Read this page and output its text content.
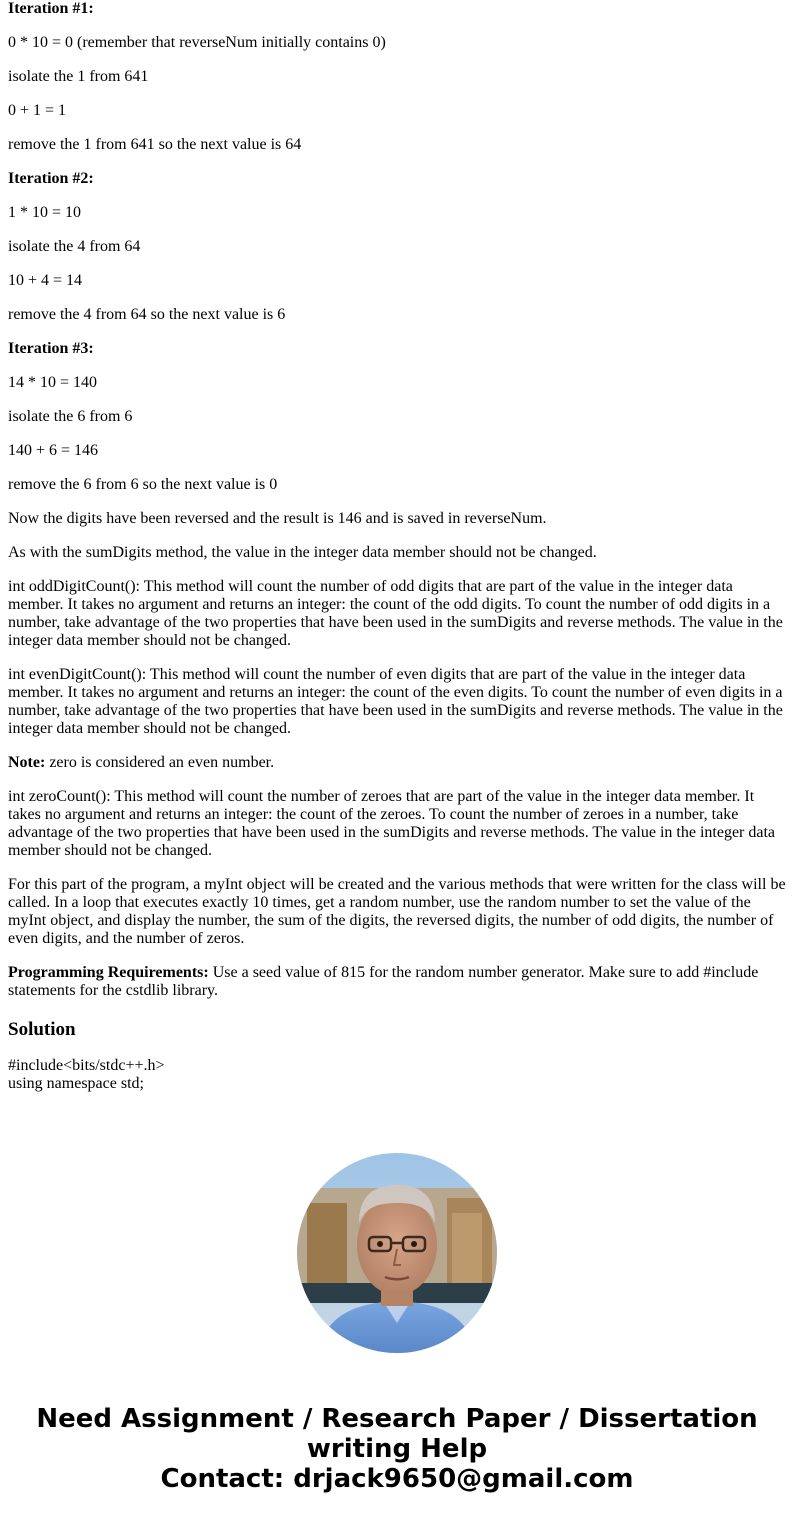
Iteration #1:
0 * 10 = 0 (remember that reverseNum initially contains 0)
isolate the 1 from 641
0 + 1 = 1
remove the 1 from 641 so the next value is 64
Iteration #2:
1 * 10 = 10
isolate the 4 from 64
10 + 4 = 14
remove the 4 from 64 so the next value is 6
Iteration #3:
14 * 10 = 140
isolate the 6 from 6
140 + 6 = 146
remove the 6 from 6 so the next value is 0
Now the digits have been reversed and the result is 146 and is saved in reverseNum.
As with the sumDigits method, the value in the integer data member should not be changed.
int oddDigitCount(): This method will count the number of odd digits that are part of the value in the integer data member. It takes no argument and returns an integer: the count of the odd digits. To count the number of odd digits in a number, take advantage of the two properties that have been used in the sumDigits and reverse methods. The value in the integer data member should not be changed.
int evenDigitCount(): This method will count the number of even digits that are part of the value in the integer data member. It takes no argument and returns an integer: the count of the even digits. To count the number of even digits in a number, take advantage of the two properties that have been used in the sumDigits and reverse methods. The value in the integer data member should not be changed.
Note: zero is considered an even number.
int zeroCount(): This method will count the number of zeroes that are part of the value in the integer data member. It takes no argument and returns an integer: the count of the zeroes. To count the number of zeroes in a number, take advantage of the two properties that have been used in the sumDigits and reverse methods. The value in the integer data member should not be changed.
For this part of the program, a myInt object will be created and the various methods that were written for the class will be called. In a loop that executes exactly 10 times, get a random number, use the random number to set the value of the myInt object, and display the number, the sum of the digits, the reversed digits, the number of odd digits, the number of even digits, and the number of zeros.
Programming Requirements: Use a seed value of 815 for the random number generator. Make sure to add #include statements for the cstdlib library.
Solution
#include<bits/stdc++.h>
using namespace std;
Need Assignment / Research Paper / Dissertation
writing Help
Contact: drjack9650@gmail.com
